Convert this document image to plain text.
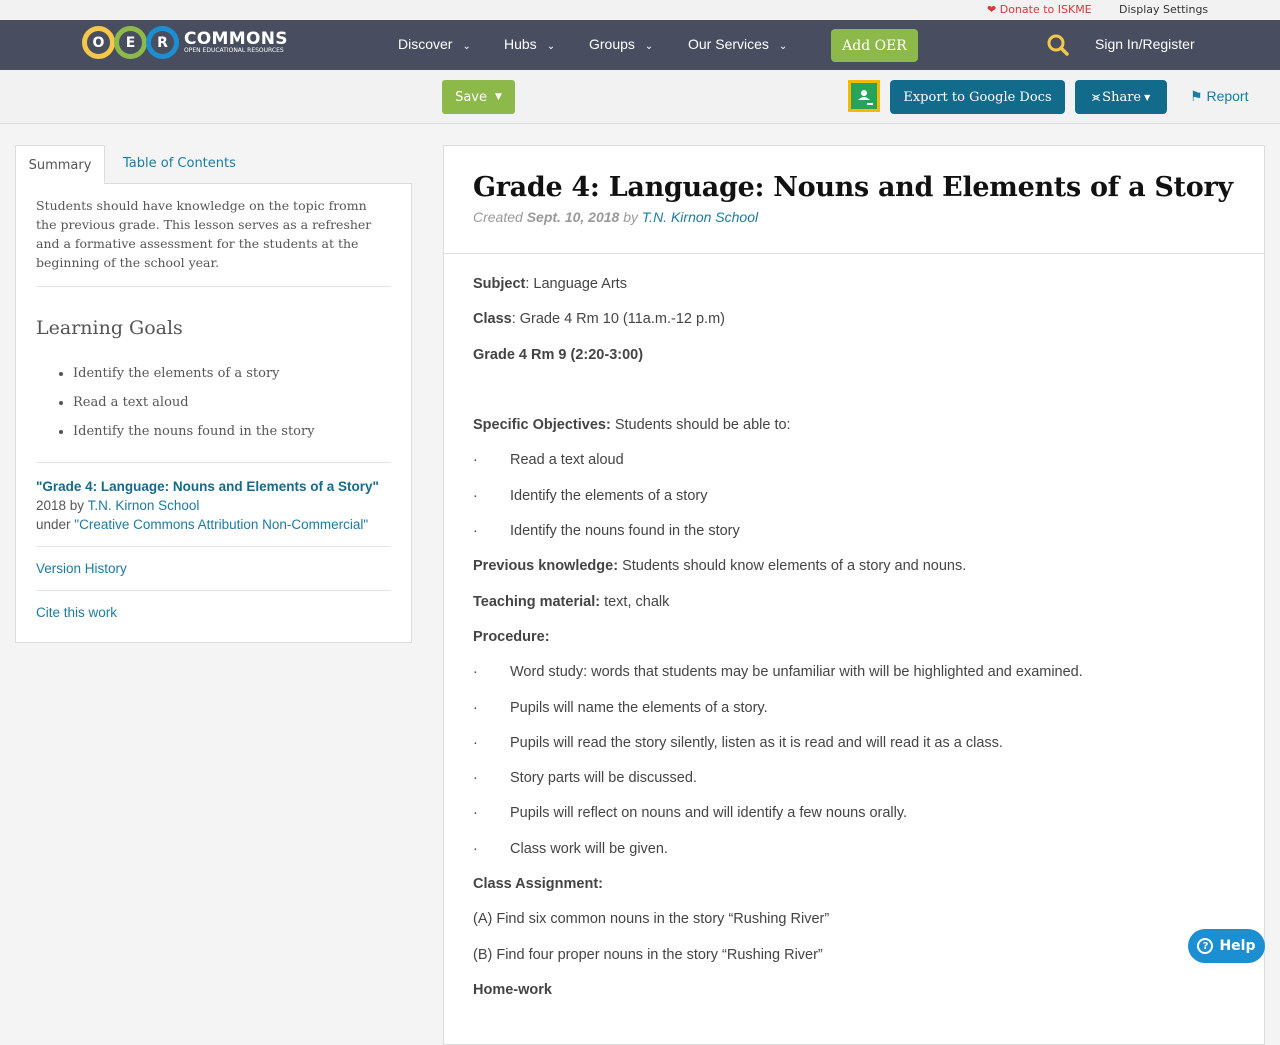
❤ Donate to ISKME Display Settings
O	E	R COMMONS
OPEN EDUCATIONAL RESOURCES	Discover ⌄ Hubs ⌄ Groups ⌄ Our Services ⌄	Add OER	Sign In/Register
Save ▼	Export to Google Docs	⪤ Share ▼	⚑ Report
Summary	Table of Contents

Students should have knowledge on the topic fromn the previous grade. This lesson serves as a refresher and a formative assessment for the students at the beginning of the school year.

Learning Goals
• Identify the elements of a story
• Read a text aloud
• Identify the nouns found in the story
"Grade 4: Language: Nouns and Elements of a Story"
2018 by T.N. Kirnon School
under "Creative Commons Attribution Non-Commercial"
Version History
Cite this work
Grade 4: Language: Nouns and Elements of a Story
Created Sept. 10, 2018 by T.N. Kirnon School

Subject: Language Arts

Class: Grade 4 Rm 10 (11a.m.-12 p.m)

Grade 4 Rm 9 (2:20-3:00)

Specific Objectives: Students should be able to:

·	Read a text aloud

·	Identify the elements of a story

·	Identify the nouns found in the story

Previous knowledge: Students should know elements of a story and nouns.

Teaching material: text, chalk

Procedure:

·	Word study: words that students may be unfamiliar with will be highlighted and examined.

·	Pupils will name the elements of a story.

·	Pupils will read the story silently, listen as it is read and will read it as a class.

·	Story parts will be discussed.

·	Pupils will reflect on nouns and will identify a few nouns orally.

·	Class work will be given.

Class Assignment:

(A) Find six common nouns in the story “Rushing River”

(B) Find four proper nouns in the story “Rushing River”

Home-work

? Help
